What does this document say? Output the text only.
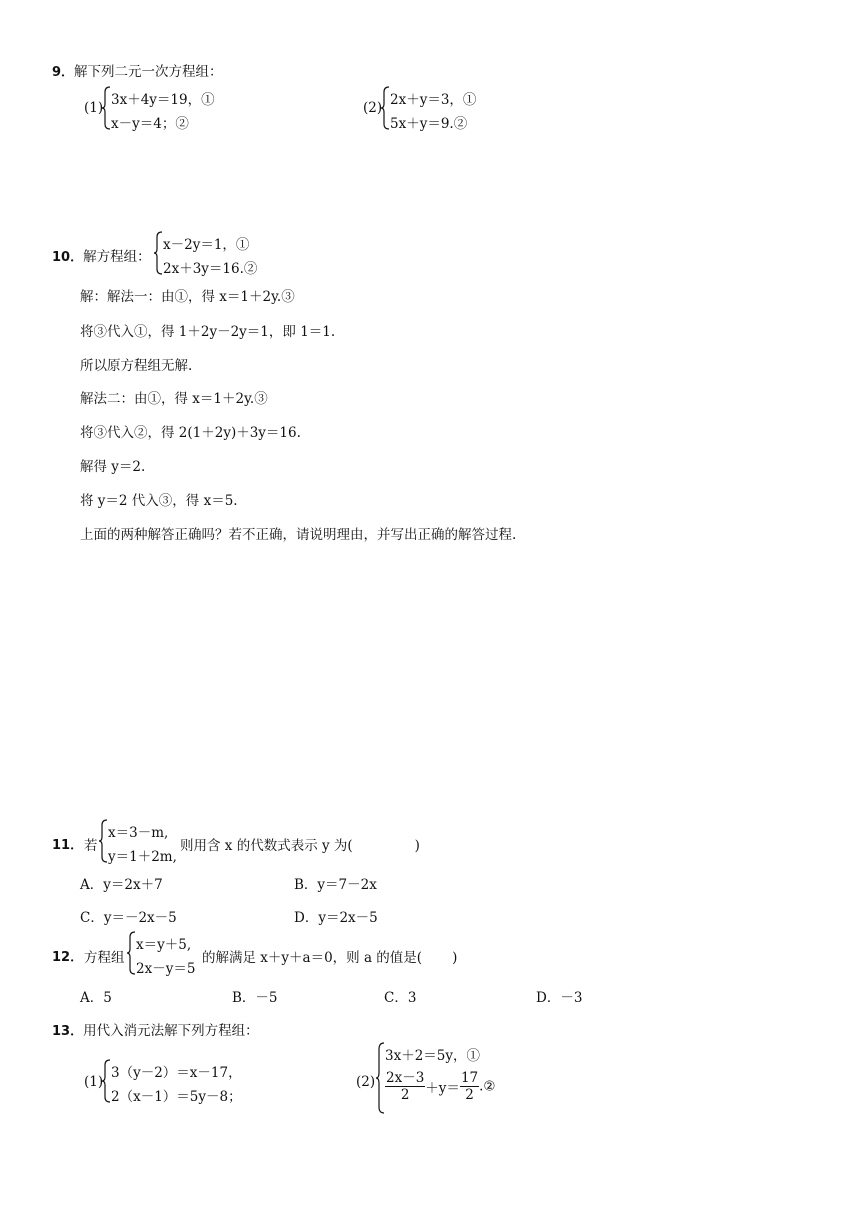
9．解下列二元一次方程组：
(1) 3x＋4y＝19，①
x－y＝4；②
(2) 2x＋y＝3，①
5x＋y＝9.②
10．解方程组：
x－2y＝1，①
2x＋3y＝16.②
解：解法一：由①，得 x＝1＋2y.③
将③代入①，得 1＋2y－2y＝1，即 1＝1.
所以原方程组无解.
解法二：由①，得 x＝1＋2y.③
将③代入②，得 2(1＋2y)＋3y＝16.
解得 y＝2.
将 y＝2 代入③，得 x＝5.
上面的两种解答正确吗？若不正确，请说明理由，并写出正确的解答过程.
11． 若
x＝3－m,
y＝1＋2m,
则用含 x 的代数式表示 y 为(	)
A．y＝2x＋7	B．y＝7－2x
C．y＝－2x－5	D．y＝2x－5
12． 方程组
x＝y＋5,
2x－y＝5
的解满足 x＋y＋a＝0，则 a 的值是( )
A．5	B．－5	C．3	D．－3
13．用代入消元法解下列方程组：
(1)
3（y－2）＝x－17，
2（x－1）＝5y－8；
(2)
3x＋2＝5y，①
$\frac{2x-3}{2} +y= \frac{17}{2}$ .②
